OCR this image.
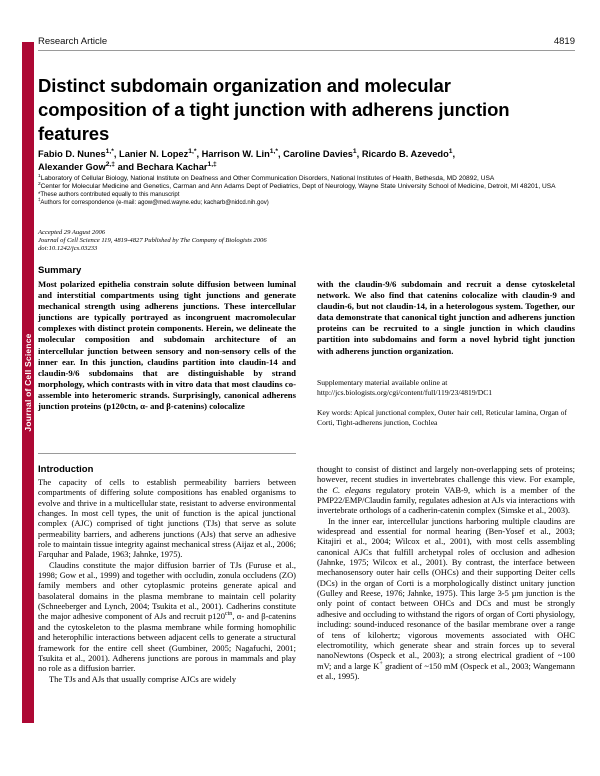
Journal of Cell Science
Research Article	4819
Distinct subdomain organization and molecular composition of a tight junction with adherens junction features
Fabio D. Nunes$^{1,*}$, Lanier N. Lopez$^{1,*}$, Harrison W. Lin$^{1,*}$, Caroline Davies$^1$, Ricardo B. Azevedo$^1$,
Alexander Gow$^{2,\ddagger}$ and Bechara Kachar$^{1,\ddagger}$

$^1$Laboratory of Cellular Biology, National Institute on Deafness and Other Communication Disorders, National Institutes of Health, Bethesda, MD 20892, USA

$^2$Center for Molecular Medicine and Genetics, Carman and Ann Adams Dept of Pediatrics, Dept of Neurology, Wayne State University School of Medicine, Detroit, MI 48201, USA

*These authors contributed equally to this manuscript

‡Authors for correspondence (e-mail: agow@med.wayne.edu; kacharb@nidcd.nih.gov)

Accepted 29 August 2006

Journal of Cell Science 119, 4819-4827 Published by The Company of Biologists 2006

doi:10.1242/jcs.03233

Summary
Most polarized epithelia constrain solute diffusion between luminal and interstitial compartments using tight junctions and generate mechanical strength using adherens junctions. These intercellular junctions are typically portrayed as incongruent macromolecular complexes with distinct protein components. Herein, we delineate the molecular composition and subdomain architecture of an intercellular junction between sensory and non-sensory cells of the inner ear. In this junction, claudins partition into claudin-14 and claudin-9/6 subdomains that are distinguishable by strand morphology, which contrasts with in vitro data that most claudins co-assemble into heteromeric strands. Surprisingly, canonical adherens junction proteins (p120ctn, α- and β-catenins) colocalize
with the claudin-9/6 subdomain and recruit a dense cytoskeletal network. We also find that catenins colocalize with claudin-9 and claudin-6, but not claudin-14, in a heterologous system. Together, our data demonstrate that canonical tight junction and adherens junction proteins can be recruited to a single junction in which claudins partition into subdomains and form a novel hybrid tight junction with adherens junction organization.
Supplementary material available online at
http://jcs.biologists.org/cgi/content/full/119/23/4819/DC1
Key words: Apical junctional complex, Outer hair cell, Reticular lamina, Organ of Corti, Tight-adherens junction, Cochlea
Introduction

The capacity of cells to establish permeability barriers between compartments of differing solute compositions has enabled organisms to evolve and thrive in a multicellular state, resistant to adverse environmental changes. In most cell types, the unit of function is the apical junctional complex (AJC) comprised of tight junctions (TJs) that serve as solute permeability barriers, and adherens junctions (AJs) that serve an adhesive role to maintain tissue integrity against mechanical stress (Aijaz et al., 2006; Farquhar and Palade, 1963; Jahnke, 1975).

Claudins constitute the major diffusion barrier of TJs (Furuse et al., 1998; Gow et al., 1999) and together with occludin, zonula occludens (ZO) family members and other cytoplasmic proteins generate apical and basolateral domains in the plasma membrane to maintain cell polarity (Schneeberger and Lynch, 2004; Tsukita et al., 2001). Cadherins constitute the major adhesive component of AJs and recruit $p120^{ctn}$, α- and β-catenins and the cytoskeleton to the plasma membrane while forming homophilic and heterophilic interactions between adjacent cells to generate a structural framework for the entire cell sheet (Gumbiner, 2005; Nagafuchi, 2001; Tsukita et al., 2001). Adherens junctions are porous in mammals and play no role as a diffusion barrier.

The TJs and AJs that usually comprise AJCs are widely

thought to consist of distinct and largely non-overlapping sets of proteins; however, recent studies in invertebrates challenge this view. For example, the C. elegans regulatory protein VAB-9, which is a member of the PMP22/EMP/Claudin family, regulates adhesion at AJs via interactions with invertebrate orthologs of a cadherin-catenin complex (Simske et al., 2003).

In the inner ear, intercellular junctions harboring multiple claudins are widespread and essential for normal hearing (Ben-Yosef et al., 2003; Kitajiri et al., 2004; Wilcox et al., 2001), with most cells assembling canonical AJCs that fulfill archetypal roles of occlusion and adhesion (Jahnke, 1975; Wilcox et al., 2001). By contrast, the interface between mechanosensory outer hair cells (OHCs) and their supporting Deiter cells (DCs) in the organ of Corti is a morphologically distinct unitary junction (Gulley and Reese, 1976; Jahnke, 1975). This large 3-5 µm junction is the only point of contact between OHCs and DCs and must be strongly adhesive and occluding to withstand the rigors of organ of Corti physiology, including: sound-induced resonance of the basilar membrane over a range of tens of kilohertz; vigorous movements associated with OHC electromotility, which generate shear and strain forces up to several nanoNewtons (Ospeck et al., 2003); a strong electrical gradient of ~100 mV; and a large K+ gradient of ~150 mM (Ospeck et al., 2003; Wangemann et al., 1995).
